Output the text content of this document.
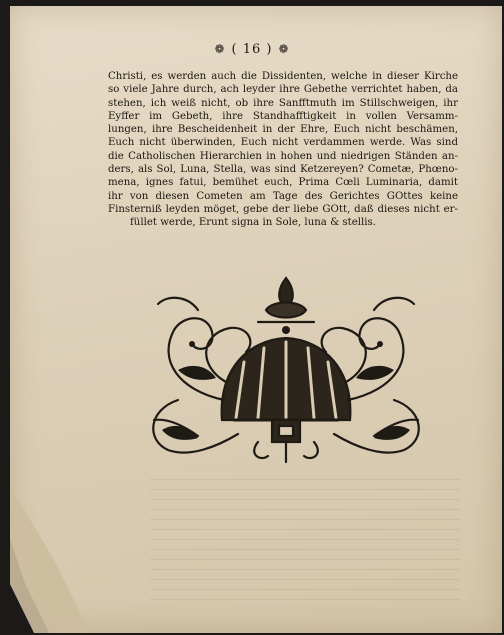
❁ ( 16 ) ❁
Christi, es werden auch die Dissidenten, welche in dieser Kirche
so viele Jahre durch, ach leyder ihre Gebethe verrichtet haben, da
stehen, ich weiß nicht, ob ihre Sanfftmuth im Stillschweigen, ihr
Eyffer im Gebeth, ihre Standhafftigkeit in vollen Versamm-
lungen, ihre Bescheidenheit in der Ehre, Euch nicht beschämen,
Euch nicht überwinden, Euch nicht verdammen werde. Was sind
die Catholischen Hierarchien in hohen und niedrigen Ständen an-
ders, als Sol, Luna, Stella, was sind Ketzereyen? Cometæ, Phœno-
mena, ignes fatui, bemühet euch, Prima Cœli Luminaria, damit
ihr von diesen Cometen am Tage des Gerichtes GOttes keine
Finsterniß leyden möget, gebe der liebe GOtt, daß dieses nicht er-
füllet werde, Erunt signa in Sole, luna & stellis.
